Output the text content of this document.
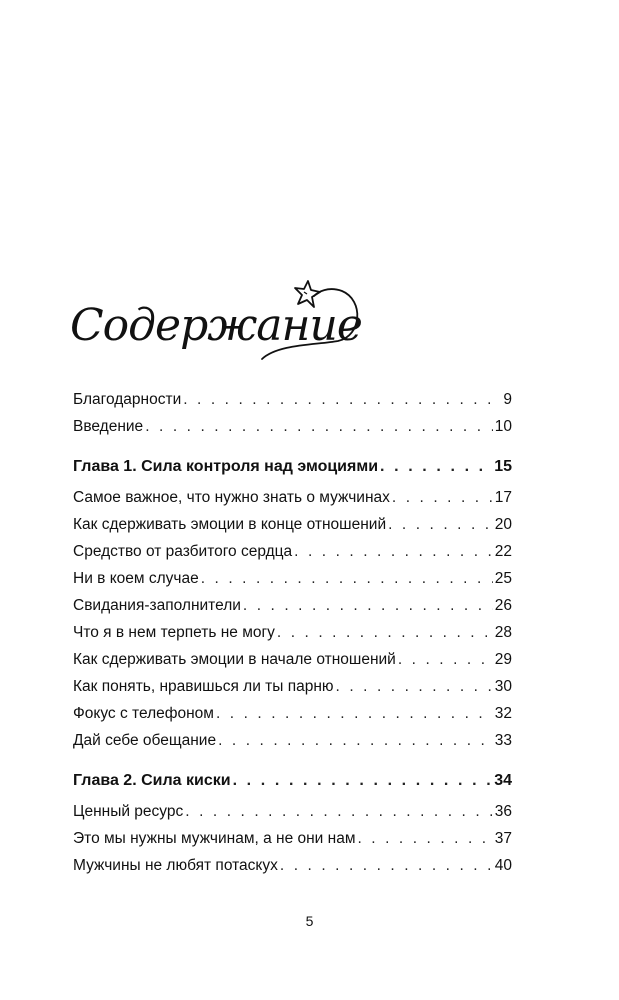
Содержание
Благодарности . . .	9
Введение . . .	10
Глава 1. Сила контроля над эмоциями . . .	15
Самое важное, что нужно знать о мужчинах . . .	17
Как сдерживать эмоции в конце отношений . . .	20
Средство от разбитого сердца . . .	22
Ни в коем случае . . .	25
Свидания-заполнители . . .	26
Что я в нем терпеть не могу . . .	28
Как сдерживать эмоции в начале отношений . . .	29
Как понять, нравишься ли ты парню . . .	30
Фокус с телефоном . . .	32
Дай себе обещание . . .	33
Глава 2. Сила киски . . .	34
Ценный ресурс . . .	36
Это мы нужны мужчинам, а не они нам . . .	37
Мужчины не любят потаскух . . .	40
5
